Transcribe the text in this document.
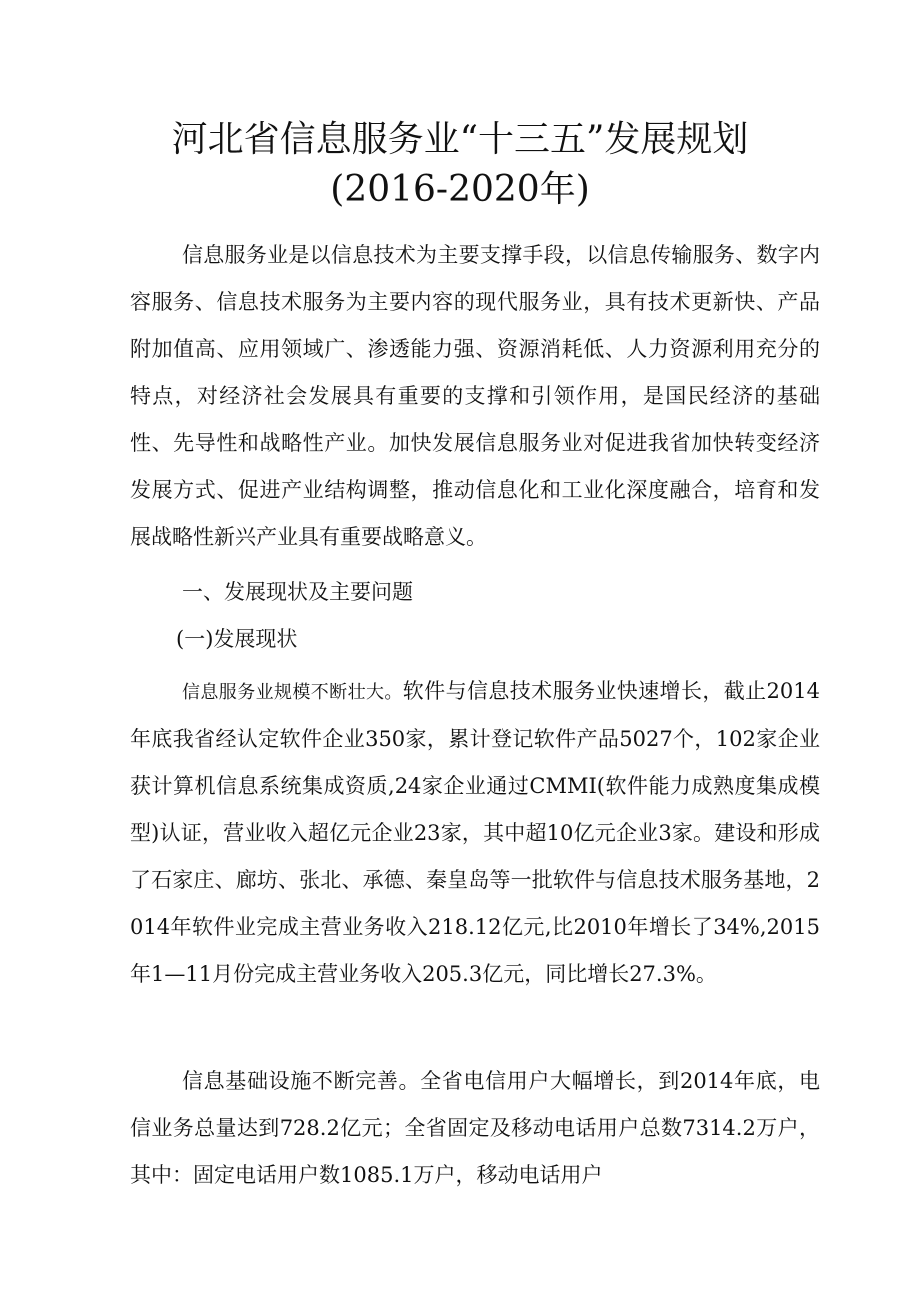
河北省信息服务业“十三五”发展规划
(2016-2020年)

信息服务业是以信息技术为主要支撑手段，以信息传输服务、数字内容服务、信息技术服务为主要内容的现代服务业，具有技术更新快、产品附加值高、应用领域广、渗透能力强、资源消耗低、人力资源利用充分的特点，对经济社会发展具有重要的支撑和引领作用，是国民经济的基础性、先导性和战略性产业。加快发展信息服务业对促进我省加快转变经济发展方式、促进产业结构调整，推动信息化和工业化深度融合，培育和发展战略性新兴产业具有重要战略意义。

一、发展现状及主要问题

(一)发展现状

信息服务业规模不断壮大。软件与信息技术服务业快速增长，截止2014年底我省经认定软件企业350家，累计登记软件产品5027个，102家企业获计算机信息系统集成资质,24家企业通过CMMI(软件能力成熟度集成模型)认证，营业收入超亿元企业23家，其中超10亿元企业3家。建设和形成了石家庄、廊坊、张北、承德、秦皇岛等一批软件与信息技术服务基地，2014年软件业完成主营业务收入218.12亿元,比2010年增长了34%,2015年1—11月份完成主营业务收入205.3亿元，同比增长27.3%。

信息基础设施不断完善。全省电信用户大幅增长，到2014年底，电信业务总量达到728.2亿元；全省固定及移动电话用户总数7314.2万户，其中：固定电话用户数1085.1万户，移动电话用户
